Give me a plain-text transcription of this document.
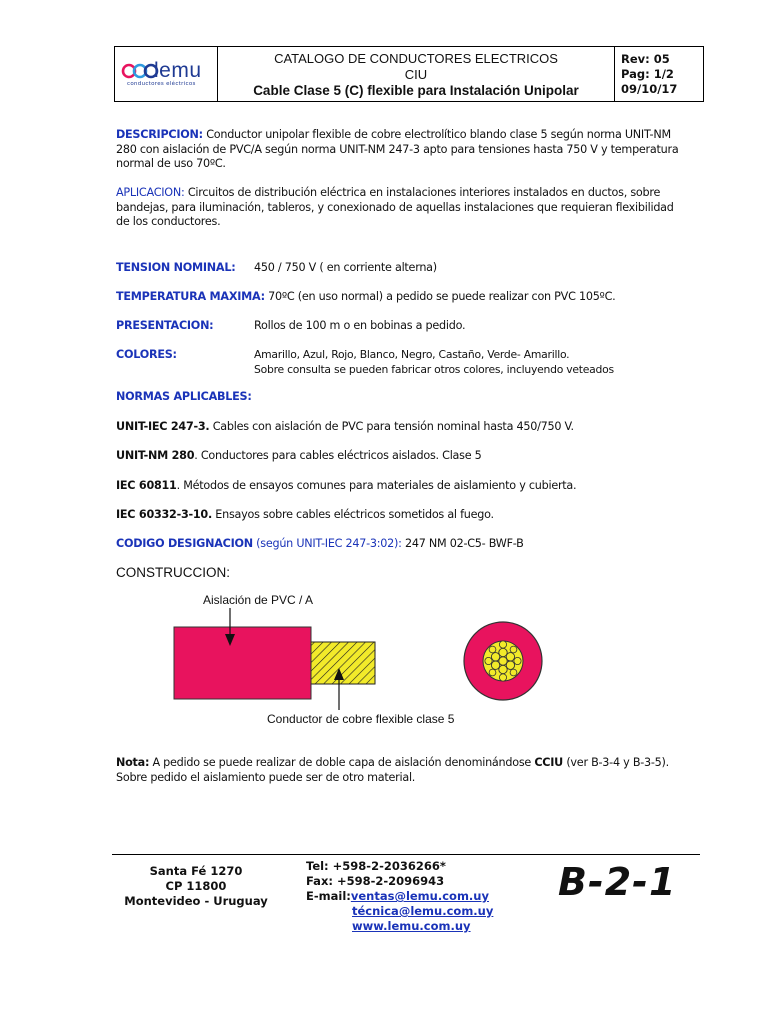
lemu
conductores eléctricos
CATALOGO DE CONDUCTORES ELECTRICOS
CIU
Cable Clase 5 (C) flexible para Instalación Unipolar
Rev: 05
Pag: 1/2
09/10/17
DESCRIPCION: Conductor unipolar flexible de cobre electrolítico blando clase 5 según norma UNIT-NM
280 con aislación de PVC/A según norma UNIT-NM 247-3 apto para tensiones hasta 750 V y temperatura
normal de uso 70ºC.
APLICACION: Circuitos de distribución eléctrica en instalaciones interiores instalados en ductos, sobre
bandejas, para iluminación, tableros, y conexionado de aquellas instalaciones que requieran flexibilidad
de los conductores.
TENSION NOMINAL: 450 / 750 V ( en corriente alterna)
TEMPERATURA MAXIMA: 70ºC (en uso normal) a pedido se puede realizar con PVC 105ºC.
PRESENTACION:	Rollos de 100 m o en bobinas a pedido.
COLORES:	Amarillo, Azul, Rojo, Blanco, Negro, Castaño, Verde- Amarillo.
Sobre consulta se pueden fabricar otros colores, incluyendo veteados
NORMAS APLICABLES:
UNIT-IEC 247-3. Cables con aislación de PVC para tensión nominal hasta 450/750 V.
UNIT-NM 280. Conductores para cables eléctricos aislados. Clase 5
IEC 60811. Métodos de ensayos comunes para materiales de aislamiento y cubierta.
IEC 60332-3-10. Ensayos sobre cables eléctricos sometidos al fuego.
CODIGO DESIGNACION (según UNIT-IEC 247-3:02): 247 NM 02-C5- BWF-B
CONSTRUCCION:
Aislación de PVC / A
Conductor de cobre flexible clase 5
Nota: A pedido se puede realizar de doble capa de aislación denominándose CCIU (ver B-3-4 y B-3-5).
Sobre pedido el aislamiento puede ser de otro material.
Santa Fé 1270
CP 11800
Montevideo - Uruguay
Tel: +598-2-2036266*
Fax: +598-2-2096943
E-mail:ventas@lemu.com.uy
técnica@lemu.com.uy
www.lemu.com.uy
B-2-1
